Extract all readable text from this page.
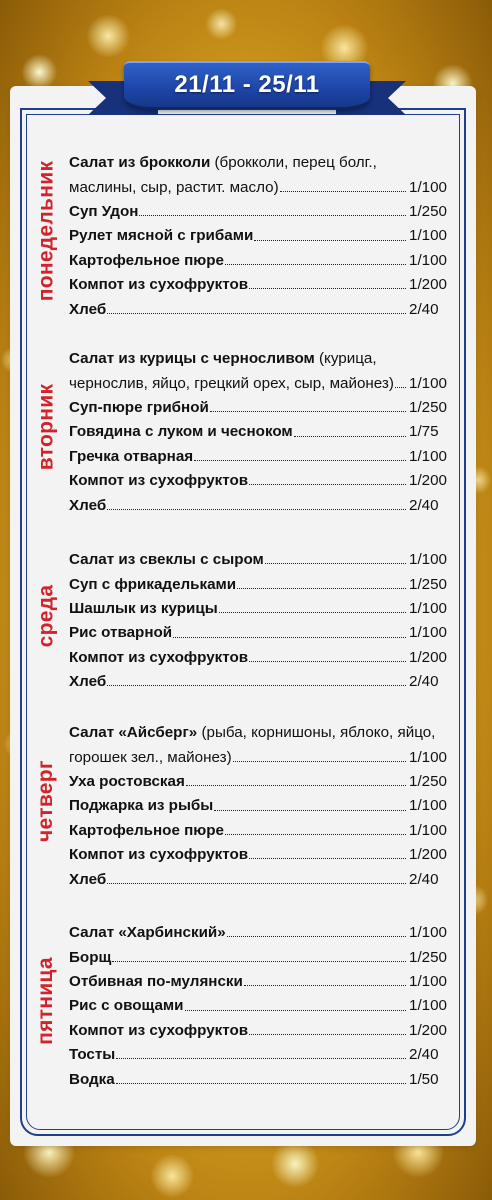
21/11 - 25/11
понедельник Салат из брокколи (брокколи, перец болг.,
маслины, сыр, растит. масло)	1/100
Суп Удон	1/250
Рулет мясной с грибами	1/100
Картофельное пюре	1/100
Компот из сухофруктов	1/200
Хлеб	2/40
вторник
Салат из курицы с черносливом (курица,
чернослив, яйцо, грецкий орех, сыр, майонез) 1/100
Суп-пюре грибной	1/250
Говядина с луком и чесноком	1/75
Гречка отварная	1/100
Компот из сухофруктов	1/200
Хлеб	2/40
среда
Салат из свеклы с сыром	1/100
Суп с фрикадельками	1/250
Шашлык из курицы	1/100
Рис отварной	1/100
Компот из сухофруктов	1/200
Хлеб	2/40
четверг
Салат «Айсберг» (рыба, корнишоны, яблоко, яйцо,
горошек зел., майонез)	1/100
Уха ростовская	1/250
Поджарка из рыбы	1/100
Картофельное пюре	1/100
Компот из сухофруктов	1/200
Хлеб	2/40
пятница
Салат «Харбинский»	1/100
Борщ	1/250
Отбивная по-мулянски	1/100
Рис с овощами	1/100
Компот из сухофруктов	1/200
Тосты	2/40
Водка	1/50
